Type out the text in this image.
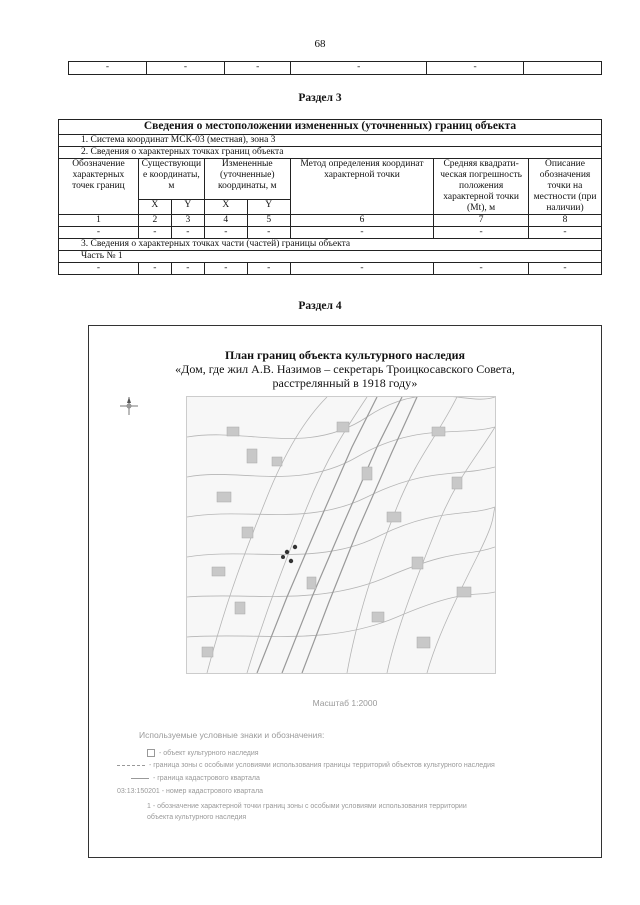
68
-	-	-	-	-	
Раздел 3
Сведения о местоположении измененных (уточненных) границ объекта							
1. Система координат МСК-03 (местная), зона 3							
2. Сведения о характерных точках границ объекта							
Обозначение характерных точек границ	Существующи е координаты, м		Измененные (уточненные) координаты, м		Метод определения координат характерной точки	Средняя квадрати-ческая погрешность положения характерной точки (Mt), м	Описание обозначения точки на местности (при наличии)
	X	Y	X	Y			
1	2	3	4	5	6	7	8
-	-	-	-	-	-	-	-
3. Сведения о характерных точках части (частей) границы объекта							
Часть № 1							
-	-	-	-	-	-	-	-
Раздел 4
План границ объекта культурного наследия
«Дом, где жил А.В. Назимов – секретарь Троицкосавского Совета,
расстрелянный в 1918 году»
Масштаб 1:2000
Используемые условные знаки и обозначения:
- объект культурного наследия
- граница зоны с особыми условиями использования границы территорий объектов культурного наследия
- граница кадастрового квартала
03:13:150201 - номер кадастрового квартала
1 - обозначение характерной точки границ зоны с особыми условиями использования территории объекта культурного наследия
